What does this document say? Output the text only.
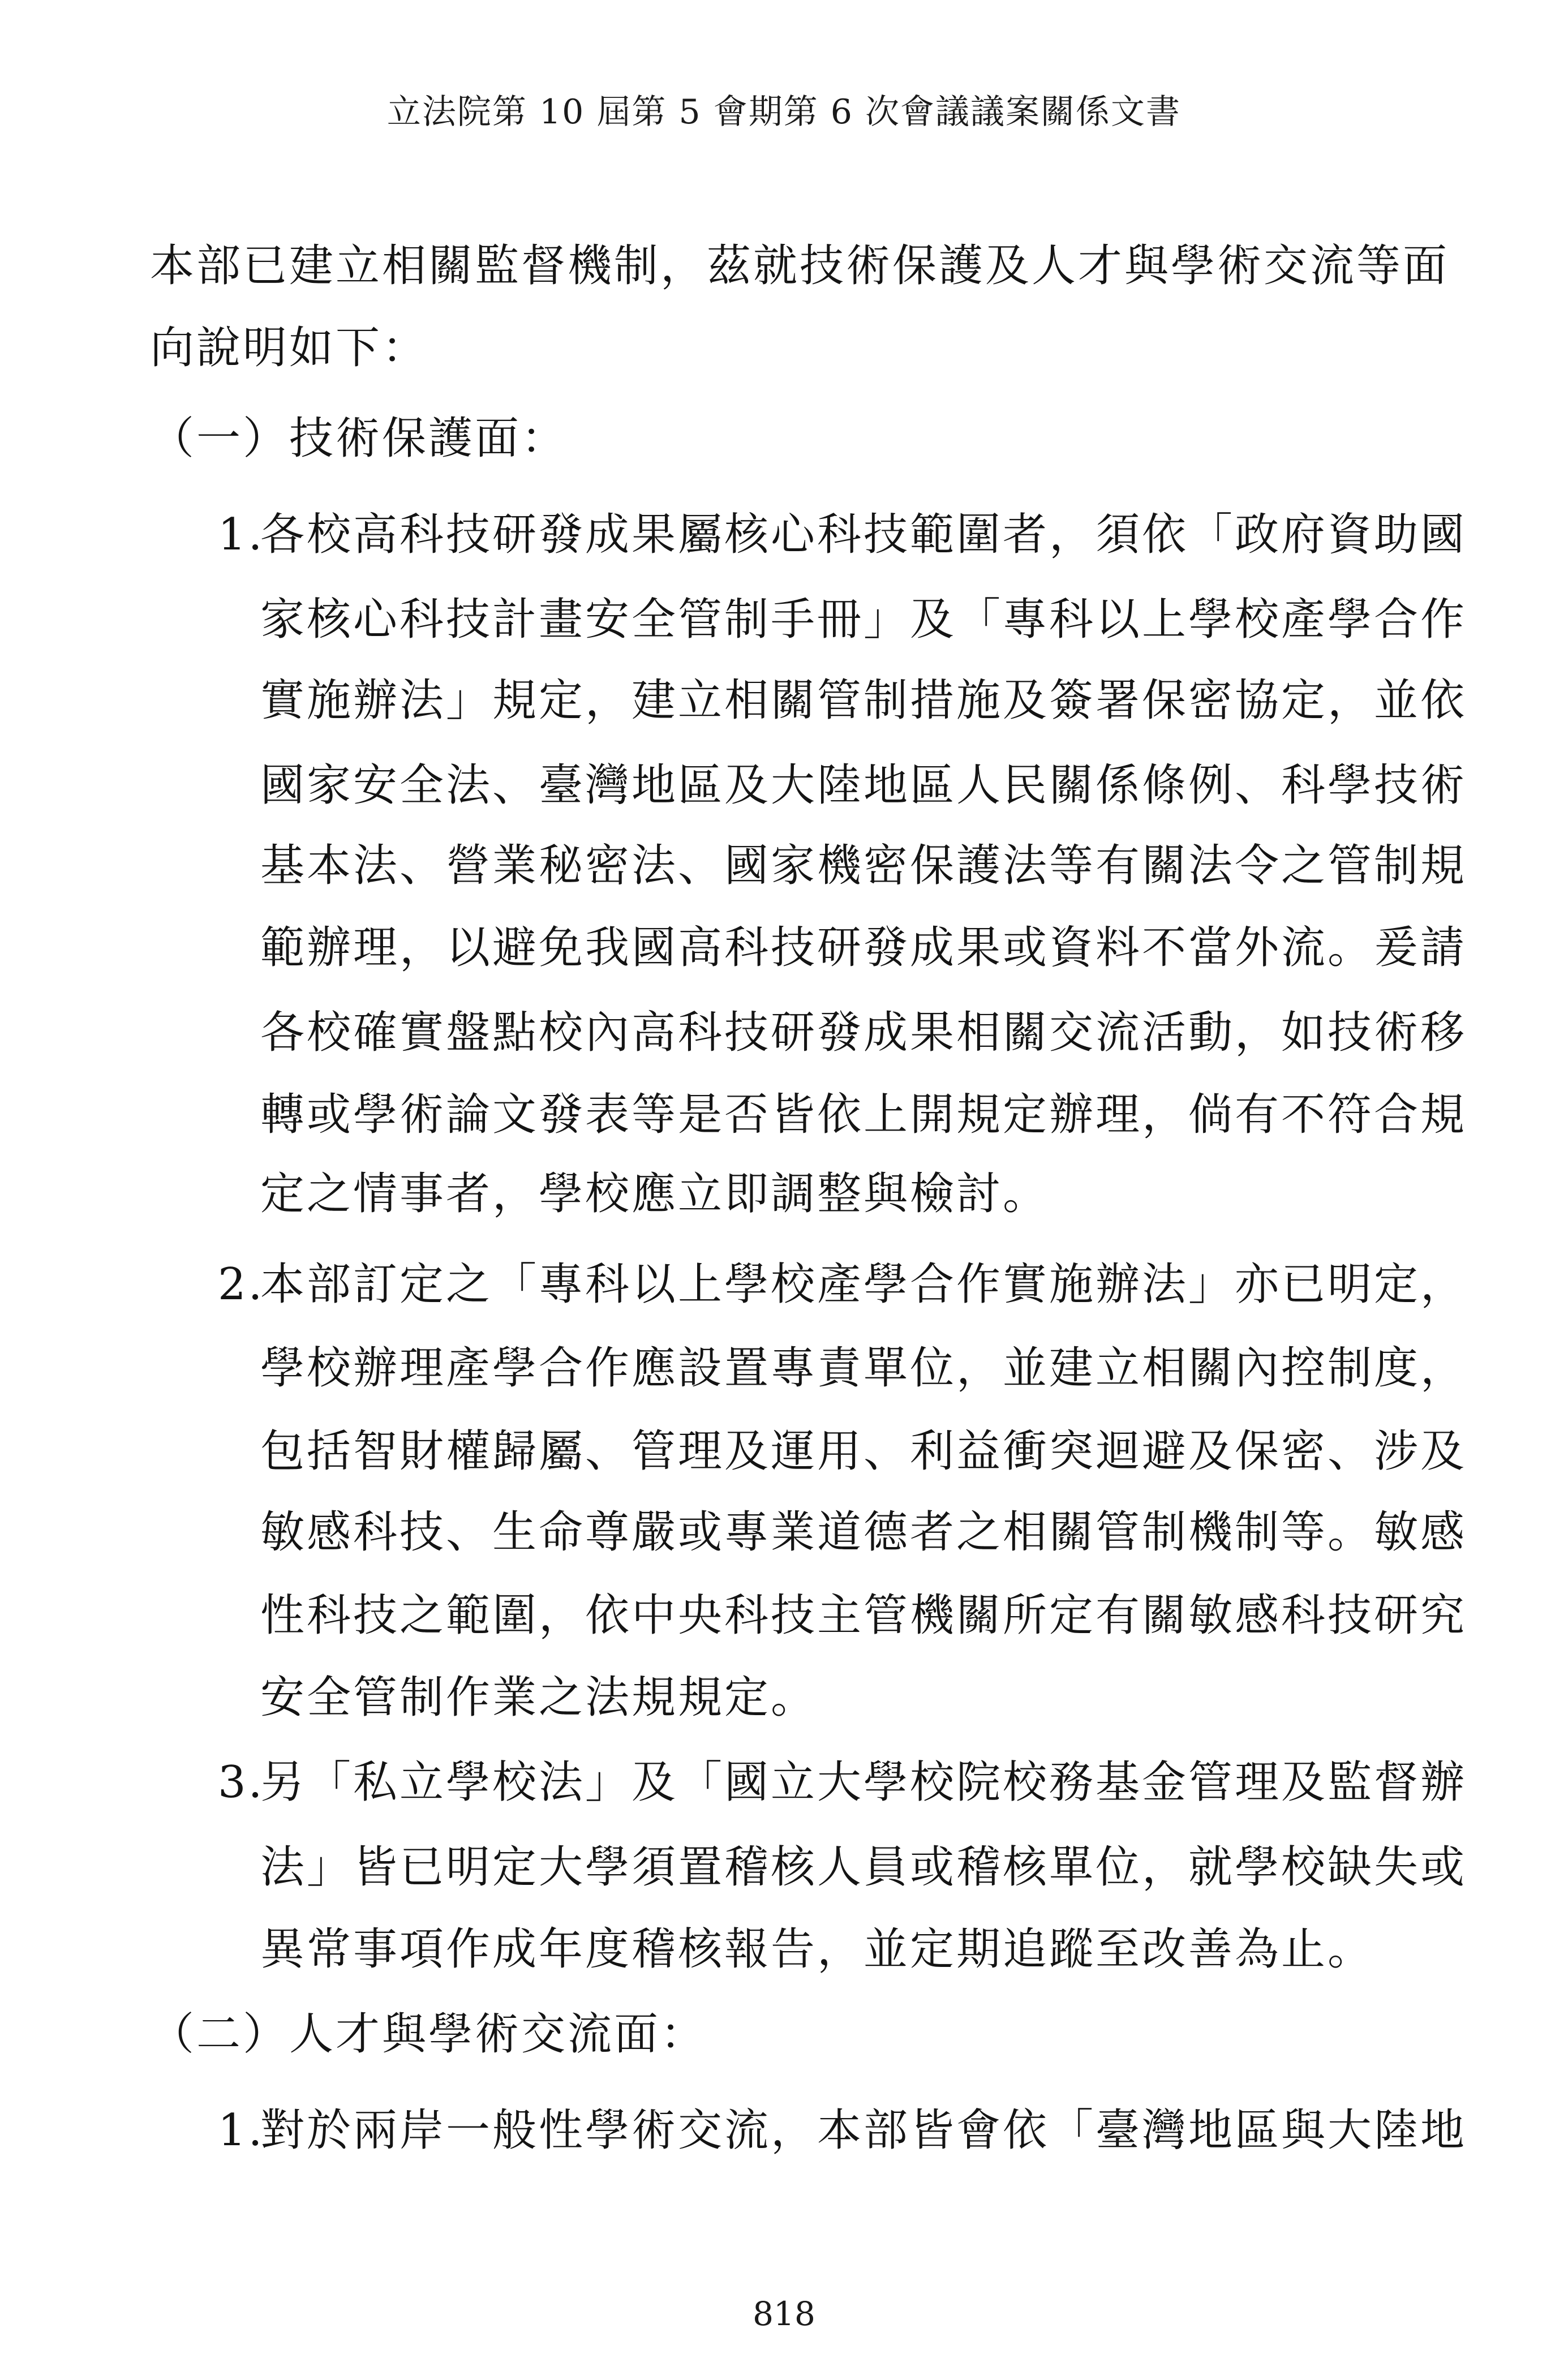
立法院第 10 屆第 5 會期第 6 次會議議案關係文書
本部已建立相關監督機制，茲就技術保護及人才與學術交流等面
向說明如下：
（一）技術保護面：
1.各校高科技研發成果屬核心科技範圍者，須依「政府資助國
家核心科技計畫安全管制手冊」及「專科以上學校產學合作
實施辦法」規定，建立相關管制措施及簽署保密協定，並依
國家安全法、臺灣地區及大陸地區人民關係條例、科學技術
基本法、營業秘密法、國家機密保護法等有關法令之管制規
範辦理，以避免我國高科技研發成果或資料不當外流。爰請
各校確實盤點校內高科技研發成果相關交流活動，如技術移
轉或學術論文發表等是否皆依上開規定辦理，倘有不符合規
定之情事者，學校應立即調整與檢討。
2.本部訂定之「專科以上學校產學合作實施辦法」亦已明定，
學校辦理產學合作應設置專責單位，並建立相關內控制度，
包括智財權歸屬、管理及運用、利益衝突迴避及保密、涉及
敏感科技、生命尊嚴或專業道德者之相關管制機制等。敏感
性科技之範圍，依中央科技主管機關所定有關敏感科技研究
安全管制作業之法規規定。
3.另「私立學校法」及「國立大學校院校務基金管理及監督辦
法」皆已明定大學須置稽核人員或稽核單位，就學校缺失或
異常事項作成年度稽核報告，並定期追蹤至改善為止。
（二）人才與學術交流面：
1.對於兩岸一般性學術交流，本部皆會依「臺灣地區與大陸地
818
